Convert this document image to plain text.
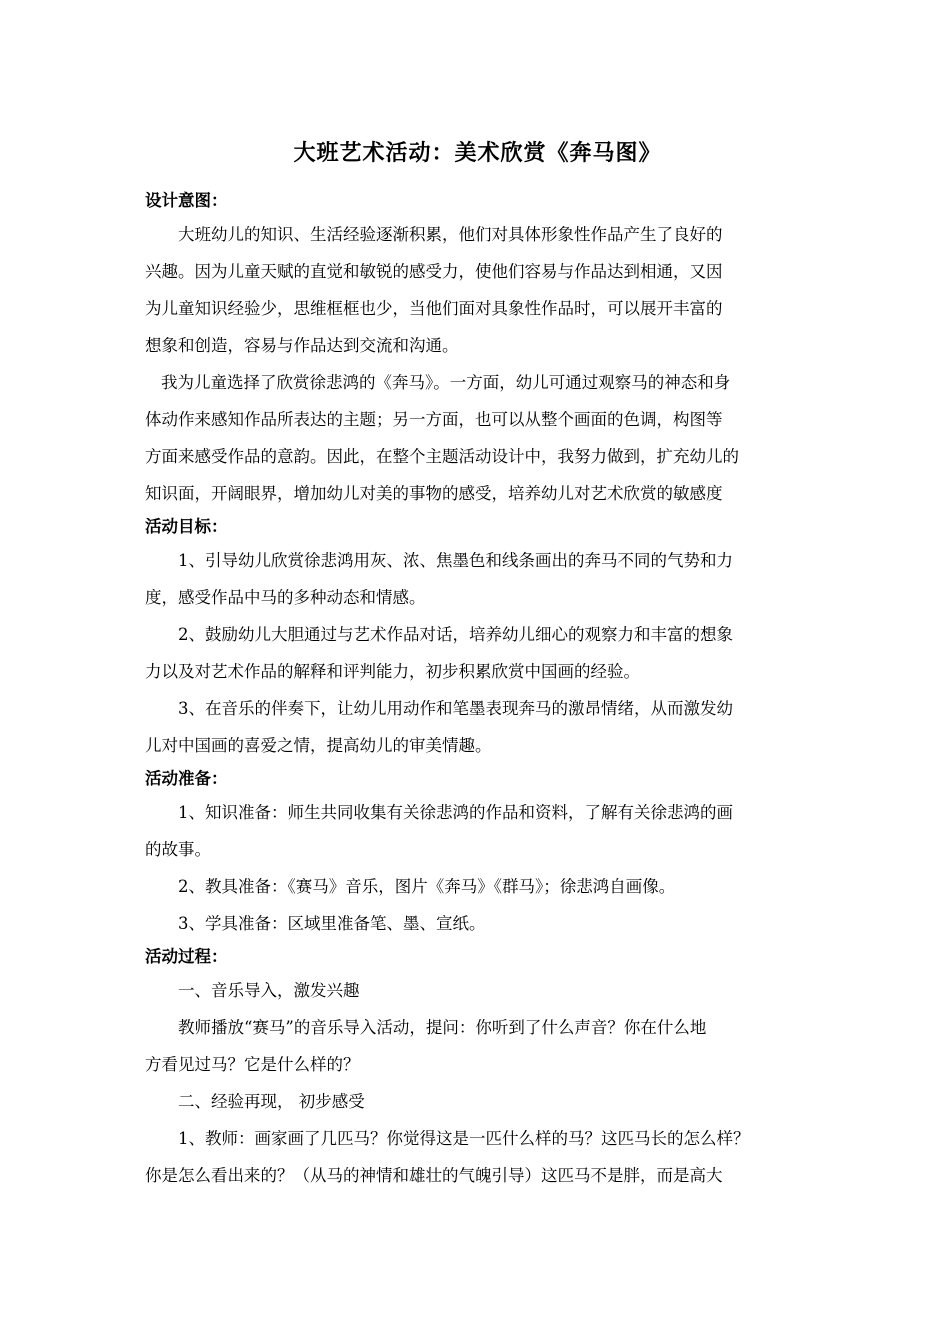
大班艺术活动：美术欣赏《奔马图》
设计意图：
大班幼儿的知识、生活经验逐渐积累，他们对具体形象性作品产生了良好的
兴趣。因为儿童天赋的直觉和敏锐的感受力，使他们容易与作品达到相通，又因
为儿童知识经验少，思维框框也少，当他们面对具象性作品时，可以展开丰富的
想象和创造，容易与作品达到交流和沟通。
我为儿童选择了欣赏徐悲鸿的《奔马》。一方面，幼儿可通过观察马的神态和身
体动作来感知作品所表达的主题；另一方面，也可以从整个画面的色调，构图等
方面来感受作品的意韵。因此，在整个主题活动设计中，我努力做到，扩充幼儿的
知识面，开阔眼界，增加幼儿对美的事物的感受，培养幼儿对艺术欣赏的敏感度
活动目标：
1、引导幼儿欣赏徐悲鸿用灰、浓、焦墨色和线条画出的奔马不同的气势和力
度，感受作品中马的多种动态和情感。
2、鼓励幼儿大胆通过与艺术作品对话，培养幼儿细心的观察力和丰富的想象
力以及对艺术作品的解释和评判能力，初步积累欣赏中国画的经验。
3、在音乐的伴奏下，让幼儿用动作和笔墨表现奔马的激昂情绪，从而激发幼
儿对中国画的喜爱之情，提高幼儿的审美情趣。
活动准备：
1、知识准备：师生共同收集有关徐悲鸿的作品和资料，了解有关徐悲鸿的画
的故事。
2、教具准备：《赛马》音乐，图片《奔马》《群马》；徐悲鸿自画像。
3、学具准备：区域里准备笔、墨、宣纸。
活动过程：
一、音乐导入，激发兴趣
教师播放“赛马”的音乐导入活动，提问：你听到了什么声音？你在什么地
方看见过马？它是什么样的？
二、经验再现， 初步感受
1、教师：画家画了几匹马？你觉得这是一匹什么样的马？这匹马长的怎么样？
你是怎么看出来的？（从马的神情和雄壮的气魄引导）这匹马不是胖，而是高大
